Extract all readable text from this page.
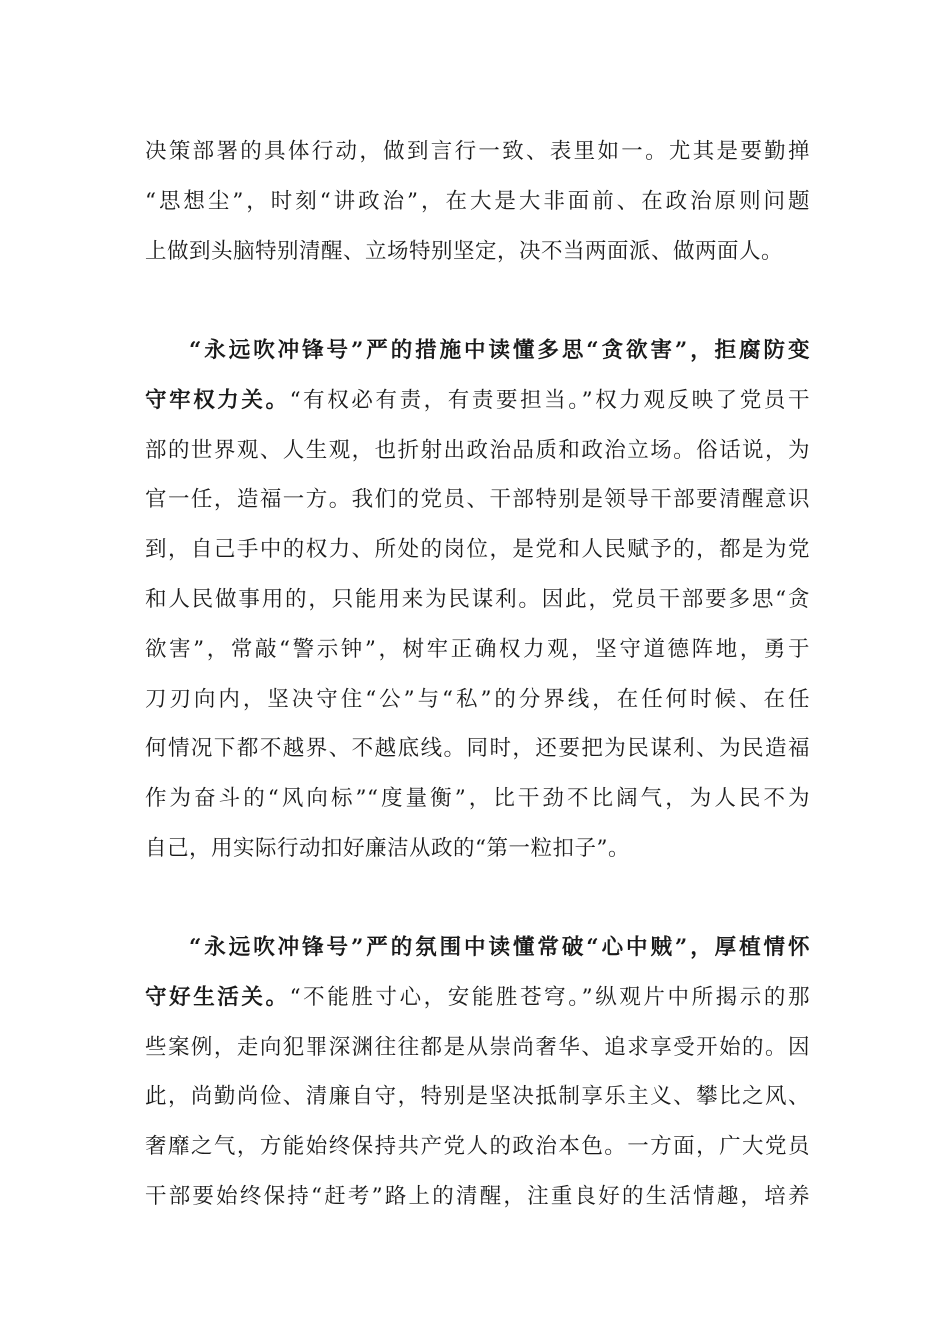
决策部署的具体行动，做到言行一致、表里如一。尤其是要勤掸
“思想尘”，时刻“讲政治”，在大是大非面前、在政治原则问题
上做到头脑特别清醒、立场特别坚定，决不当两面派、做两面人。
“永远吹冲锋号”严的措施中读懂多思“贪欲害”，拒腐防变
守牢权力关。“有权必有责，有责要担当。”权力观反映了党员干
部的世界观、人生观，也折射出政治品质和政治立场。俗话说，为
官一任，造福一方。我们的党员、干部特别是领导干部要清醒意识
到，自己手中的权力、所处的岗位，是党和人民赋予的，都是为党
和人民做事用的，只能用来为民谋利。因此，党员干部要多思“贪
欲害”，常敲“警示钟”，树牢正确权力观，坚守道德阵地，勇于
刀刃向内，坚决守住“公”与“私”的分界线，在任何时候、在任
何情况下都不越界、不越底线。同时，还要把为民谋利、为民造福
作为奋斗的“风向标”“度量衡”，比干劲不比阔气，为人民不为
自己，用实际行动扣好廉洁从政的“第一粒扣子”。
“永远吹冲锋号”严的氛围中读懂常破“心中贼”，厚植情怀
守好生活关。“不能胜寸心，安能胜苍穹。”纵观片中所揭示的那
些案例，走向犯罪深渊往往都是从崇尚奢华、追求享受开始的。因
此，尚勤尚俭、清廉自守，特别是坚决抵制享乐主义、攀比之风、
奢靡之气，方能始终保持共产党人的政治本色。一方面，广大党员
干部要始终保持“赶考”路上的清醒，注重良好的生活情趣，培养
